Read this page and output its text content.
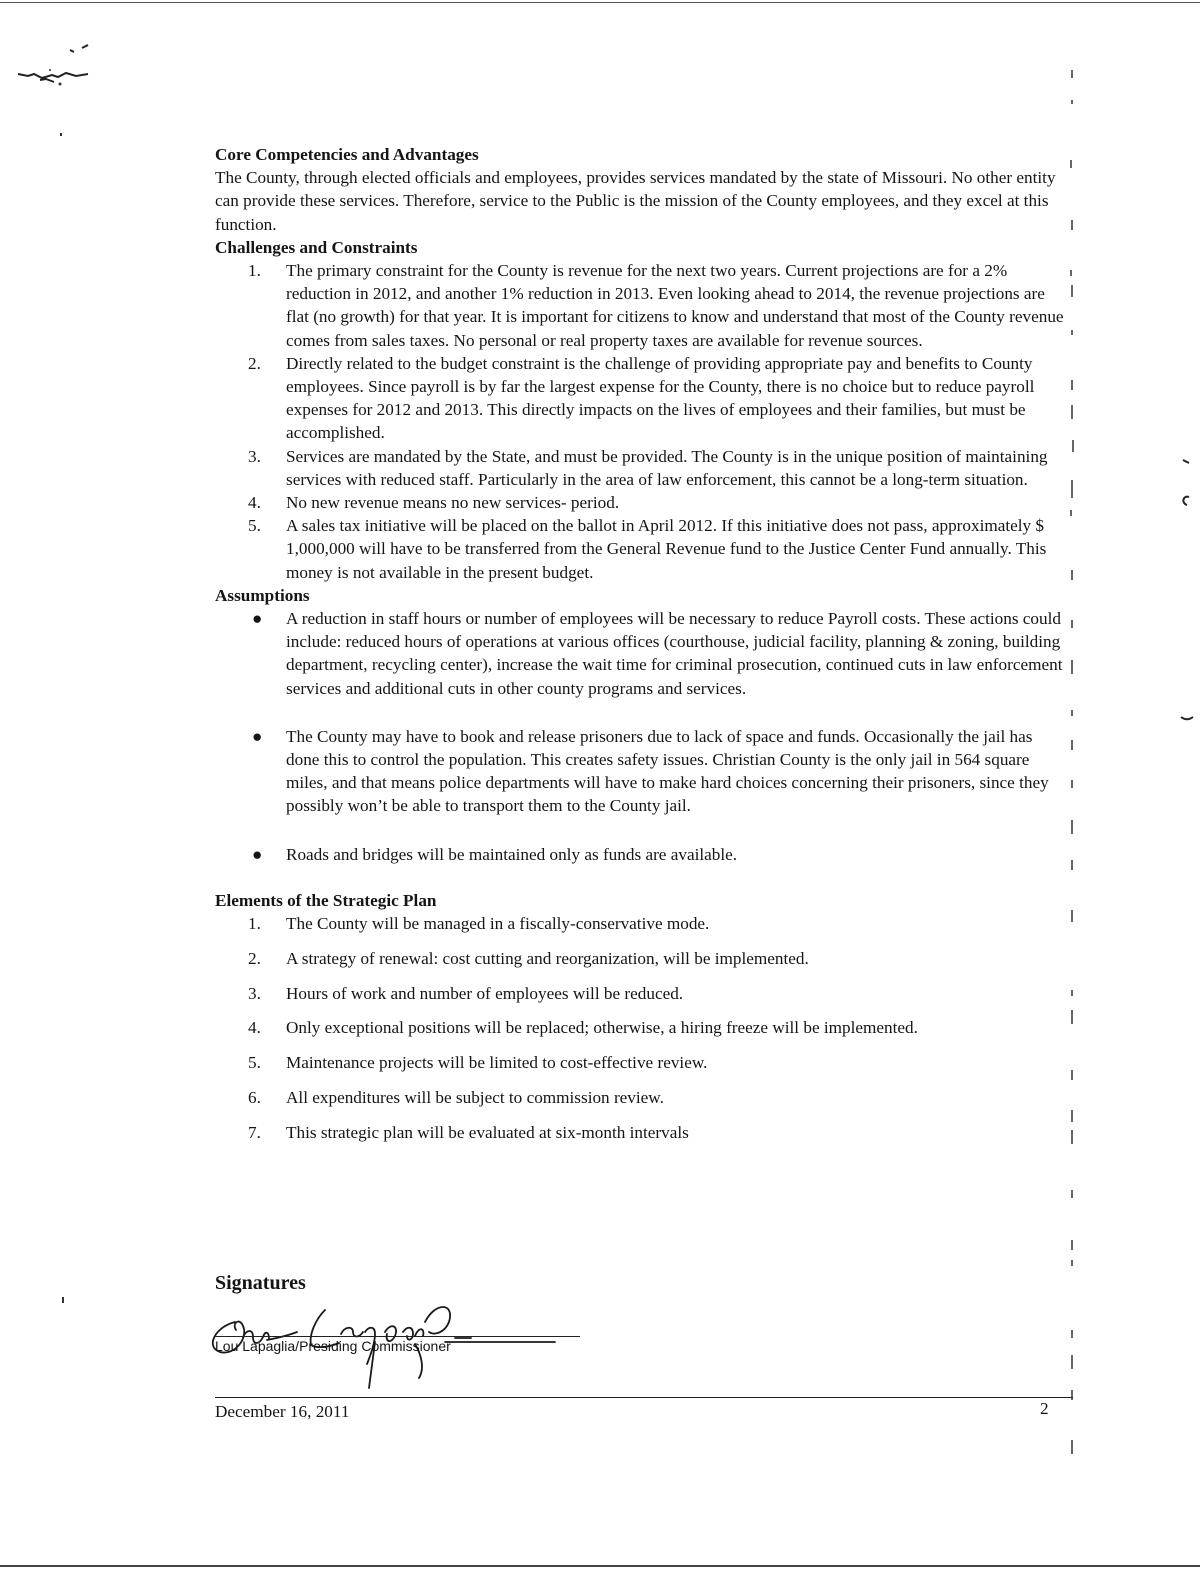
Core Competencies and Advantages

The County, through elected officials and employees, provides services mandated by the state of Missouri. No other entity can provide these services. Therefore, service to the Public is the mission of the County employees, and they excel at this function.

Challenges and Constraints
1.	The primary constraint for the County is revenue for the next two years. Current projections are for a 2% reduction in 2012, and another 1% reduction in 2013. Even looking ahead to 2014, the revenue projections are flat (no growth) for that year. It is important for citizens to know and understand that most of the County revenue comes from sales taxes. No personal or real property taxes are available for revenue sources.
2.	Directly related to the budget constraint is the challenge of providing appropriate pay and benefits to County employees. Since payroll is by far the largest expense for the County, there is no choice but to reduce payroll expenses for 2012 and 2013. This directly impacts on the lives of employees and their families, but must be accomplished.
3.	Services are mandated by the State, and must be provided. The County is in the unique position of maintaining services with reduced staff. Particularly in the area of law enforcement, this cannot be a long-term situation.
4.	No new revenue means no new services- period.
5.	A sales tax initiative will be placed on the ballot in April 2012. If this initiative does not pass, approximately $ 1,000,000 will have to be transferred from the General Revenue fund to the Justice Center Fund annually. This money is not available in the present budget.
Assumptions
● A reduction in staff hours or number of employees will be necessary to reduce Payroll costs. These actions could include: reduced hours of operations at various offices (courthouse, judicial facility, planning & zoning, building department, recycling center), increase the wait time for criminal prosecution, continued cuts in law enforcement services and additional cuts in other county programs and services.
● The County may have to book and release prisoners due to lack of space and funds. Occasionally the jail has done this to control the population. This creates safety issues. Christian County is the only jail in 564 square miles, and that means police departments will have to make hard choices concerning their prisoners, since they possibly won’t be able to transport them to the County jail.
● Roads and bridges will be maintained only as funds are available.
Elements of the Strategic Plan
1.	The County will be managed in a fiscally-conservative mode.
2.	A strategy of renewal: cost cutting and reorganization, will be implemented.
3.	Hours of work and number of employees will be reduced.
4.	Only exceptional positions will be replaced; otherwise, a hiring freeze will be implemented.
5.	Maintenance projects will be limited to cost-effective review.
6.	All expenditures will be subject to commission review.
7.	This strategic plan will be evaluated at six-month intervals
Signatures
Lou Lapaglia/Presiding Commissioner
December 16, 2011	2
